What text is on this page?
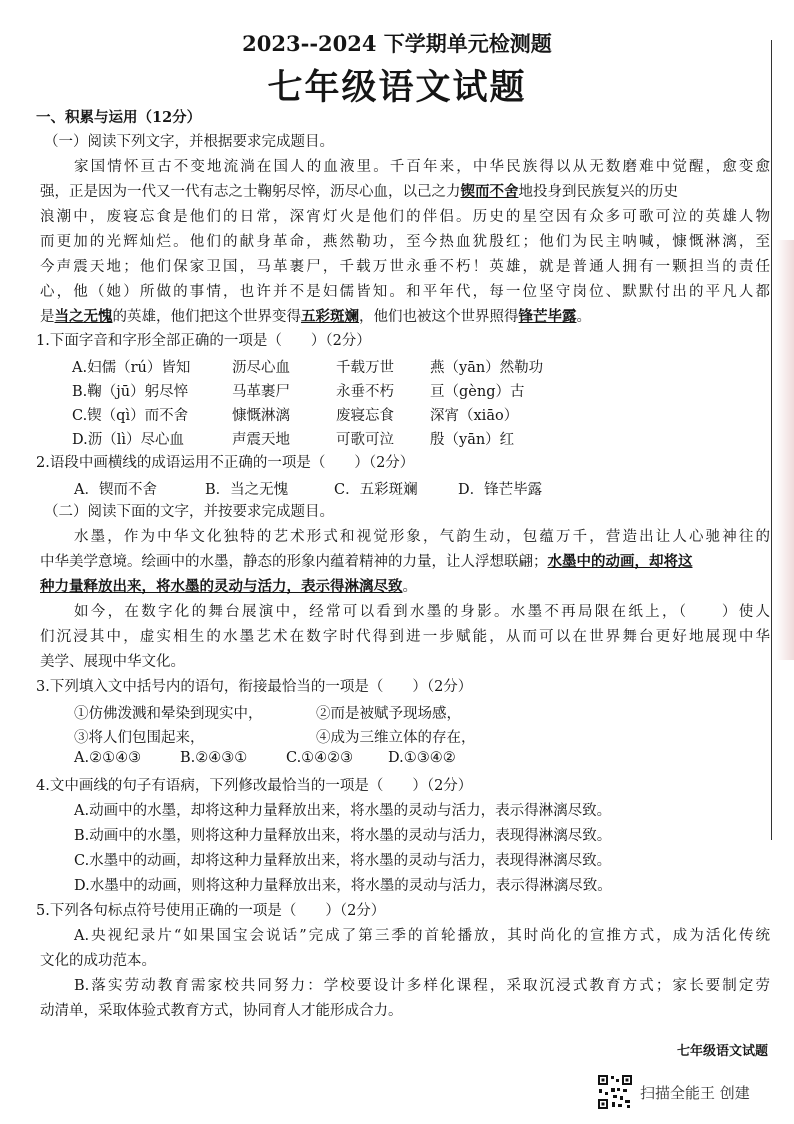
2023--2024 下学期单元检测题
七年级语文试题
一、积累与运用（12分）
（一）阅读下列文字，并根据要求完成题目。
家国情怀亘古不变地流淌在国人的血液里。千百年来，中华民族得以从无数磨难中觉醒，愈变愈
强，正是因为一代又一代有志之士鞠躬尽悴，沥尽心血，以己之力 锲而不舍 地投身到民族复兴的历史
浪潮中，废寝忘食是他们的日常，深宵灯火是他们的伴侣。历史的星空因有众多可歌可泣的英雄人物
而更加的光辉灿烂。他们的献身革命，燕然勒功，至今热血犹殷红；他们为民主呐喊，慷慨淋漓，至
今声震天地；他们保家卫国，马革裹尸，千载万世永垂不朽！英雄，就是普通人拥有一颗担当的责任
心，他（她）所做的事情，也许并不是妇儒皆知。和平年代，每一位坚守岗位、默默付出的平凡人都
是当之无愧的英雄，他们把这个世界变得五彩斑斓，他们也被这个世界照得锋芒毕露。
1.下面字音和字形全部正确的一项是（　　）（2分）
A.妇儒（rú）皆知	沥尽心血	千载万世 燕（yān）然勒功
B.鞠（jū）躬尽悴	马革裹尸	永垂不朽 亘（gèng）古
C.锲（qì）而不舍	慷慨淋漓	废寝忘食 深宵（xiāo）
D.沥（lì）尽心血	声震天地	可歌可泣 殷（yān）红
2.语段中画横线的成语运用不正确的一项是（　　）（2分）
A．锲而不舍	B．当之无愧	C．五彩斑斓	D．锋芒毕露
（二）阅读下面的文字，并按要求完成题目。
水墨，作为中华文化独特的艺术形式和视觉形象，气韵生动，包蕴万千，营造出让人心驰神往的
中华美学意境。绘画中的水墨，静态的形象内蕴着精神的力量，让人浮想联翩； 水墨中的动画，却将这
种力量释放出来，将水墨的灵动与活力，表示得淋漓尽致。
如今，在数字化的舞台展演中，经常可以看到水墨的身影。水墨不再局限在纸上，（　　）使人
们沉浸其中，虚实相生的水墨艺术在数字时代得到进一步赋能，从而可以在世界舞台更好地展现中华
美学、展现中华文化。
3.下列填入文中括号内的语句，衔接最恰当的一项是（　　）（2分）
①仿佛泼溅和晕染到现实中，	②而是被赋予现场感，
③将人们包围起来，	④成为三维立体的存在，
A.②①④③	B.②④③①	C.①④②③ D.①③④②
4.文中画线的句子有语病，下列修改最恰当的一项是（　　）（2分）
A.动画中的水墨，却将这种力量释放出来，将水墨的灵动与活力，表示得淋漓尽致。
B.动画中的水墨，则将这种力量释放出来，将水墨的灵动与活力，表现得淋漓尽致。
C.水墨中的动画，却将这种力量释放出来，将水墨的灵动与活力，表现得淋漓尽致。
D.水墨中的动画，则将这种力量释放出来，将水墨的灵动与活力，表示得淋漓尽致。
5.下列各句标点符号使用正确的一项是（　　）（2分）
A.央视纪录片“如果国宝会说话”完成了第三季的首轮播放，其时尚化的宣推方式，成为活化传统
文化的成功范本。
B.落实劳动教育需家校共同努力：学校要设计多样化课程，采取沉浸式教育方式；家长要制定劳
动清单，采取体验式教育方式，协同育人才能形成合力。
七年级语文试题
扫描全能王 创建
